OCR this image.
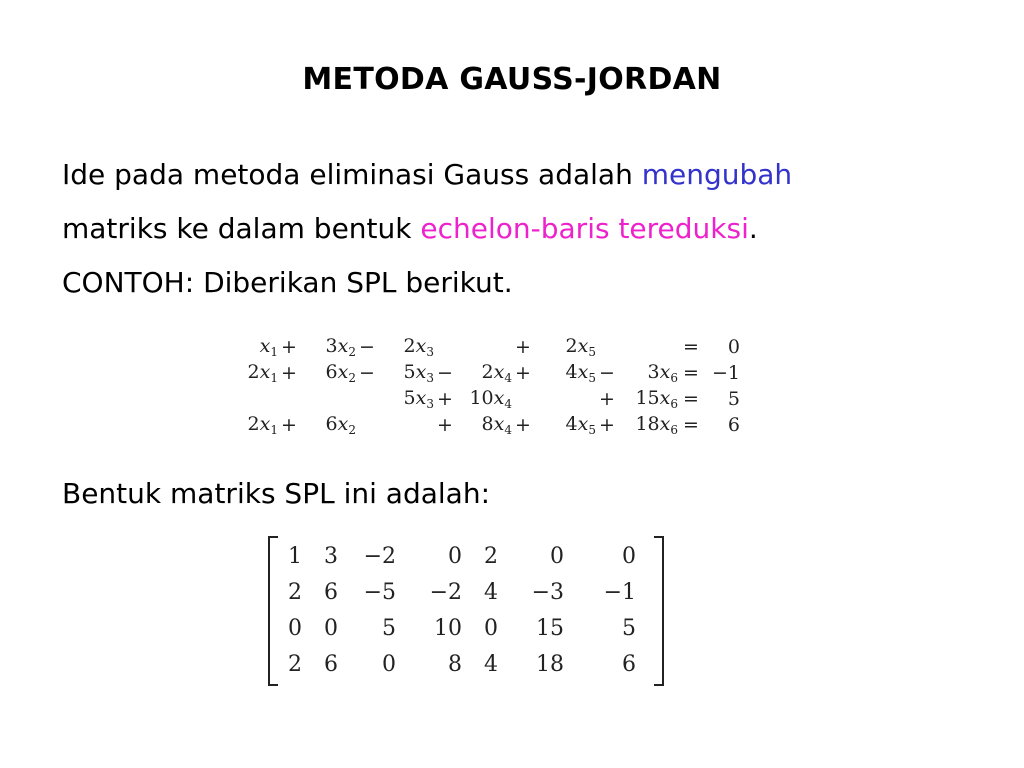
METODA GAUSS-JORDAN
Ide pada metoda eliminasi Gauss adalah mengubah
matriks ke dalam bentuk echelon-baris tereduksi.
CONTOH: Diberikan SPL berikut.
$x_1$	+	$3x_2$	−	$2x_3$			+	$2x_5$			=	0
$2x_1$	+	$6x_2$	−	$5x_3$	−	$2x_4$	+	$4x_5$	−	$3x_6$	=	−1
				$5x_3$	+	$10x_4$			+	$15x_6$	=	5
$2x_1$	+	$6x_2$			+	$8x_4$	+	$4x_5$	+	$18x_6$	=	6
Bentuk matriks SPL ini adalah:
1	3	−2	0	2	0	0
2	6	−5	−2	4	−3	−1
0	0	5	10	0	15	5
2	6	0	8	4	18	6
